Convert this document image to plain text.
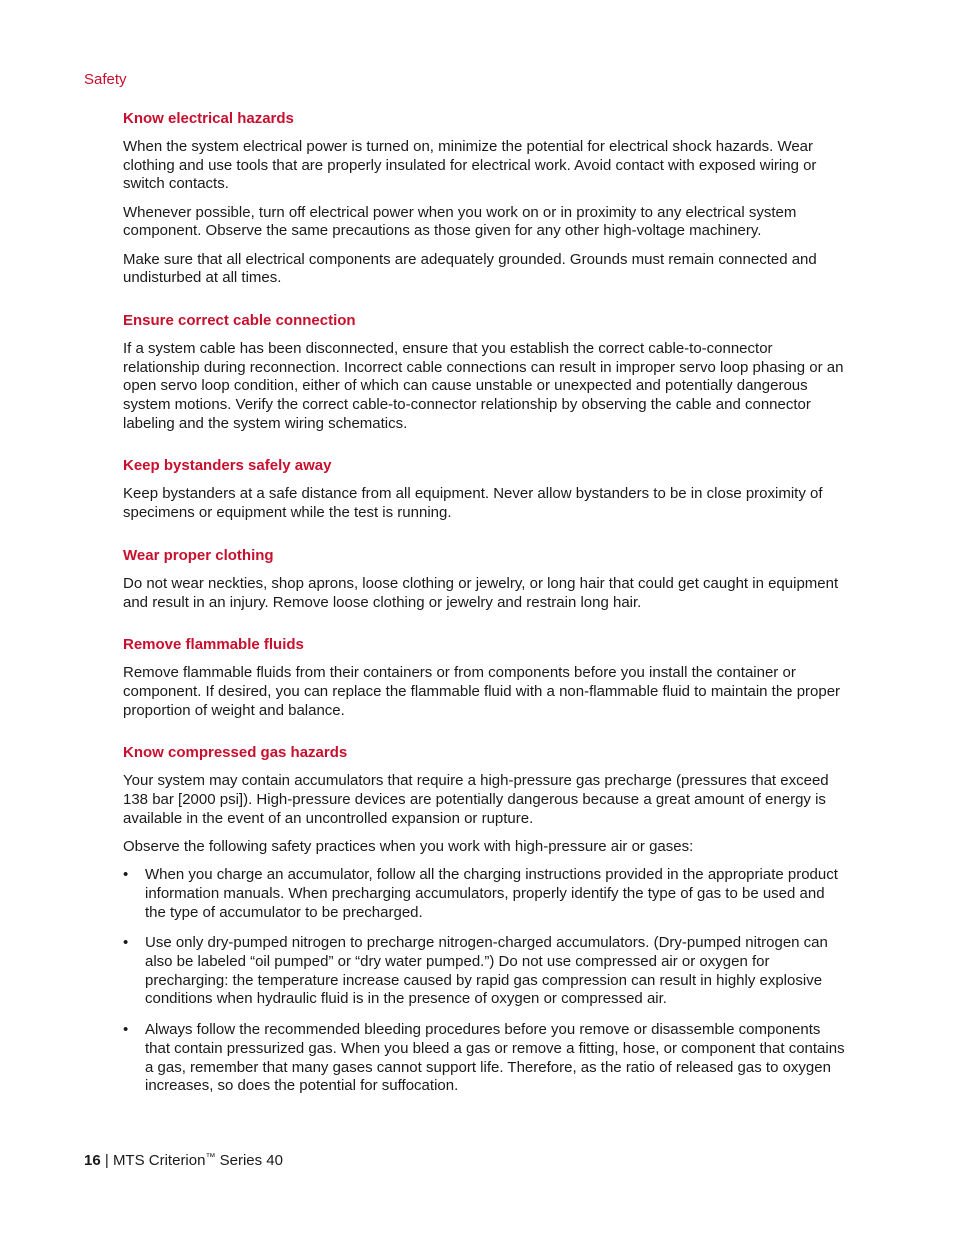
Safety
Know electrical hazards

When the system electrical power is turned on, minimize the potential for electrical shock hazards. Wear clothing and use tools that are properly insulated for electrical work. Avoid contact with exposed wiring or switch contacts.

Whenever possible, turn off electrical power when you work on or in proximity to any electrical system component. Observe the same precautions as those given for any other high-voltage machinery.

Make sure that all electrical components are adequately grounded. Grounds must remain connected and undisturbed at all times.

Ensure correct cable connection

If a system cable has been disconnected, ensure that you establish the correct cable-to-connector relationship during reconnection. Incorrect cable connections can result in improper servo loop phasing or an open servo loop condition, either of which can cause unstable or unexpected and potentially dangerous system motions. Verify the correct cable-to-connector relationship by observing the cable and connector labeling and the system wiring schematics.

Keep bystanders safely away

Keep bystanders at a safe distance from all equipment. Never allow bystanders to be in close proximity of specimens or equipment while the test is running.

Wear proper clothing

Do not wear neckties, shop aprons, loose clothing or jewelry, or long hair that could get caught in equipment and result in an injury. Remove loose clothing or jewelry and restrain long hair.

Remove flammable fluids

Remove flammable fluids from their containers or from components before you install the container or component. If desired, you can replace the flammable fluid with a non-flammable fluid to maintain the proper proportion of weight and balance.

Know compressed gas hazards

Your system may contain accumulators that require a high-pressure gas precharge (pressures that exceed 138 bar [2000 psi]). High-pressure devices are potentially dangerous because a great amount of energy is available in the event of an uncontrolled expansion or rupture.

Observe the following safety practices when you work with high-pressure air or gases:

• When you charge an accumulator, follow all the charging instructions provided in the appropriate product information manuals. When precharging accumulators, properly identify the type of gas to be used and the type of accumulator to be precharged.
• Use only dry-pumped nitrogen to precharge nitrogen-charged accumulators. (Dry-pumped nitrogen can also be labeled “oil pumped” or “dry water pumped.”) Do not use compressed air or oxygen for precharging: the temperature increase caused by rapid gas compression can result in highly explosive conditions when hydraulic fluid is in the presence of oxygen or compressed air.
• Always follow the recommended bleeding procedures before you remove or disassemble components that contain pressurized gas. When you bleed a gas or remove a fitting, hose, or component that contains a gas, remember that many gases cannot support life. Therefore, as the ratio of released gas to oxygen increases, so does the potential for suffocation.
16 | MTS Criterion™ Series 40
